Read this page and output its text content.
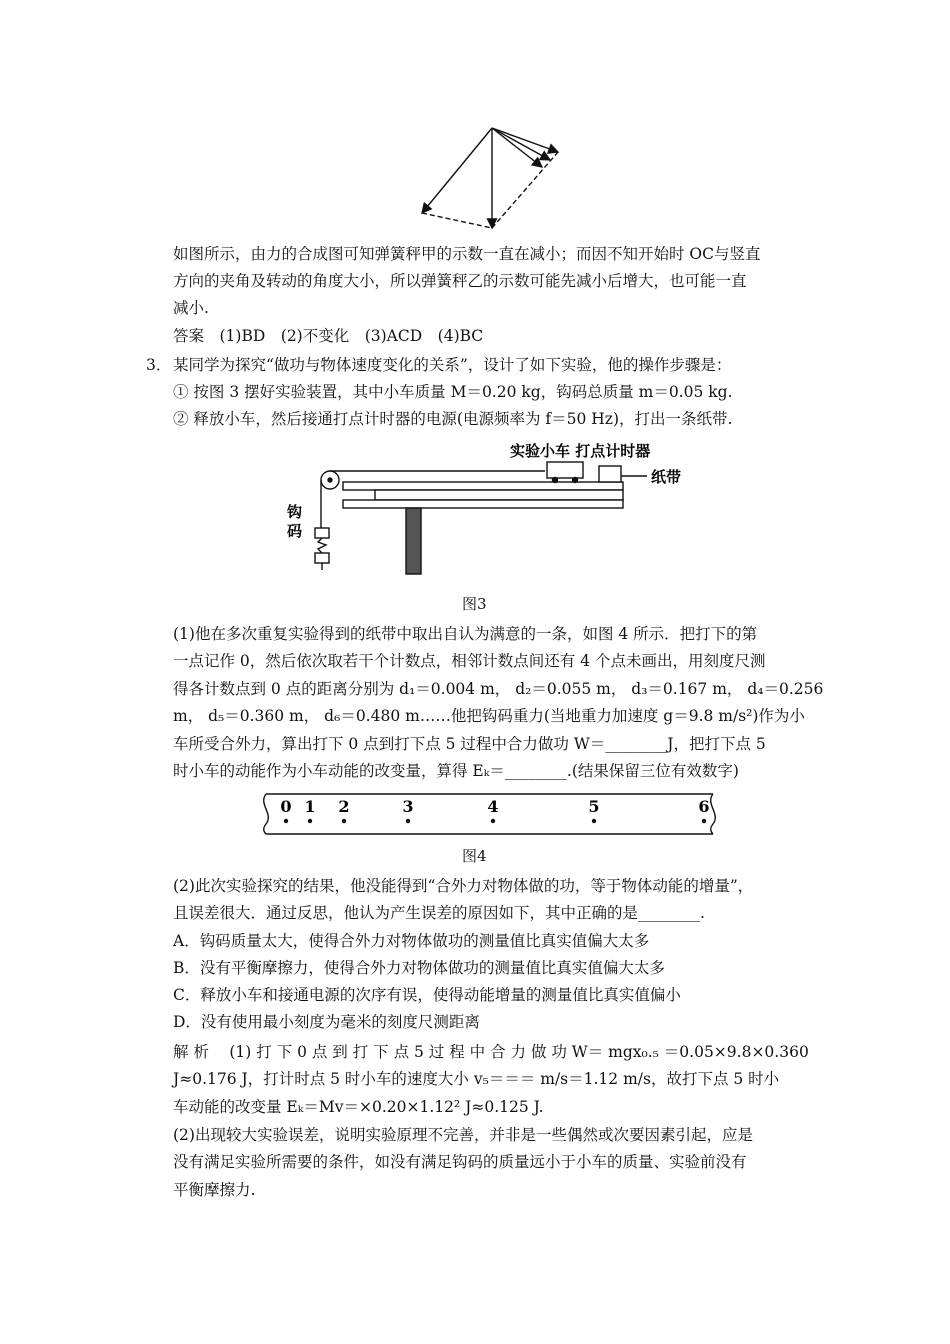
如图所示，由力的合成图可知弹簧秤甲的示数一直在减小；而因不知开始时 OC与竖直
方向的夹角及转动的角度大小，所以弹簧秤乙的示数可能先减小后增大，也可能一直
减小.
答案　(1)BD　(2)不变化　(3)ACD　(4)BC
3． 某同学为探究“做功与物体速度变化的关系”，设计了如下实验，他的操作步骤是：
① 按图 3 摆好实验装置，其中小车质量 M＝0.20 kg，钩码总质量 m＝0.05 kg.
② 释放小车，然后接通打点计时器的电源(电源频率为 f＝50 Hz)，打出一条纸带.
实验小车 打点计时器
纸带
钩
码
图3
(1)他在多次重复实验得到的纸带中取出自认为满意的一条，如图 4 所示．把打下的第
一点记作 0，然后依次取若干个计数点，相邻计数点间还有 4 个点未画出，用刻度尺测
得各计数点到 0 点的距离分别为 d₁＝0.004 m， d₂＝0.055 m， d₃＝0.167 m， d₄＝0.256
m， d₅＝0.360 m， d₆＝0.480 m……他把钩码重力(当地重力加速度 g＝9.8 m/s²)作为小
车所受合外力，算出打下 0 点到打下点 5 过程中合力做功 W＝________J，把打下点 5
时小车的动能作为小车动能的改变量，算得 Eₖ＝________.(结果保留三位有效数字)
0 1 2	3	4	5	6
图4
(2)此次实验探究的结果，他没能得到“合外力对物体做的功，等于物体动能的增量”，
且误差很大．通过反思，他认为产生误差的原因如下，其中正确的是________.
A．钩码质量太大，使得合外力对物体做功的测量值比真实值偏大太多
B．没有平衡摩擦力，使得合外力对物体做功的测量值比真实值偏大太多
C．释放小车和接通电源的次序有误，使得动能增量的测量值比真实值偏小
D．没有使用最小刻度为毫米的刻度尺测距离
解 析　 (1) 打 下 0 点 到 打 下 点 5 过 程 中 合 力 做 功 W＝ mgx₀.₅ ＝0.05×9.8×0.360
J≈0.176 J，打计时点 5 时小车的速度大小 v₅＝＝＝ m/s＝1.12 m/s，故打下点 5 时小
车动能的改变量 Eₖ＝Mv＝×0.20×1.12² J≈0.125 J.
(2)出现较大实验误差，说明实验原理不完善，并非是一些偶然或次要因素引起，应是
没有满足实验所需要的条件，如没有满足钩码的质量远小于小车的质量、实验前没有
平衡摩擦力.
